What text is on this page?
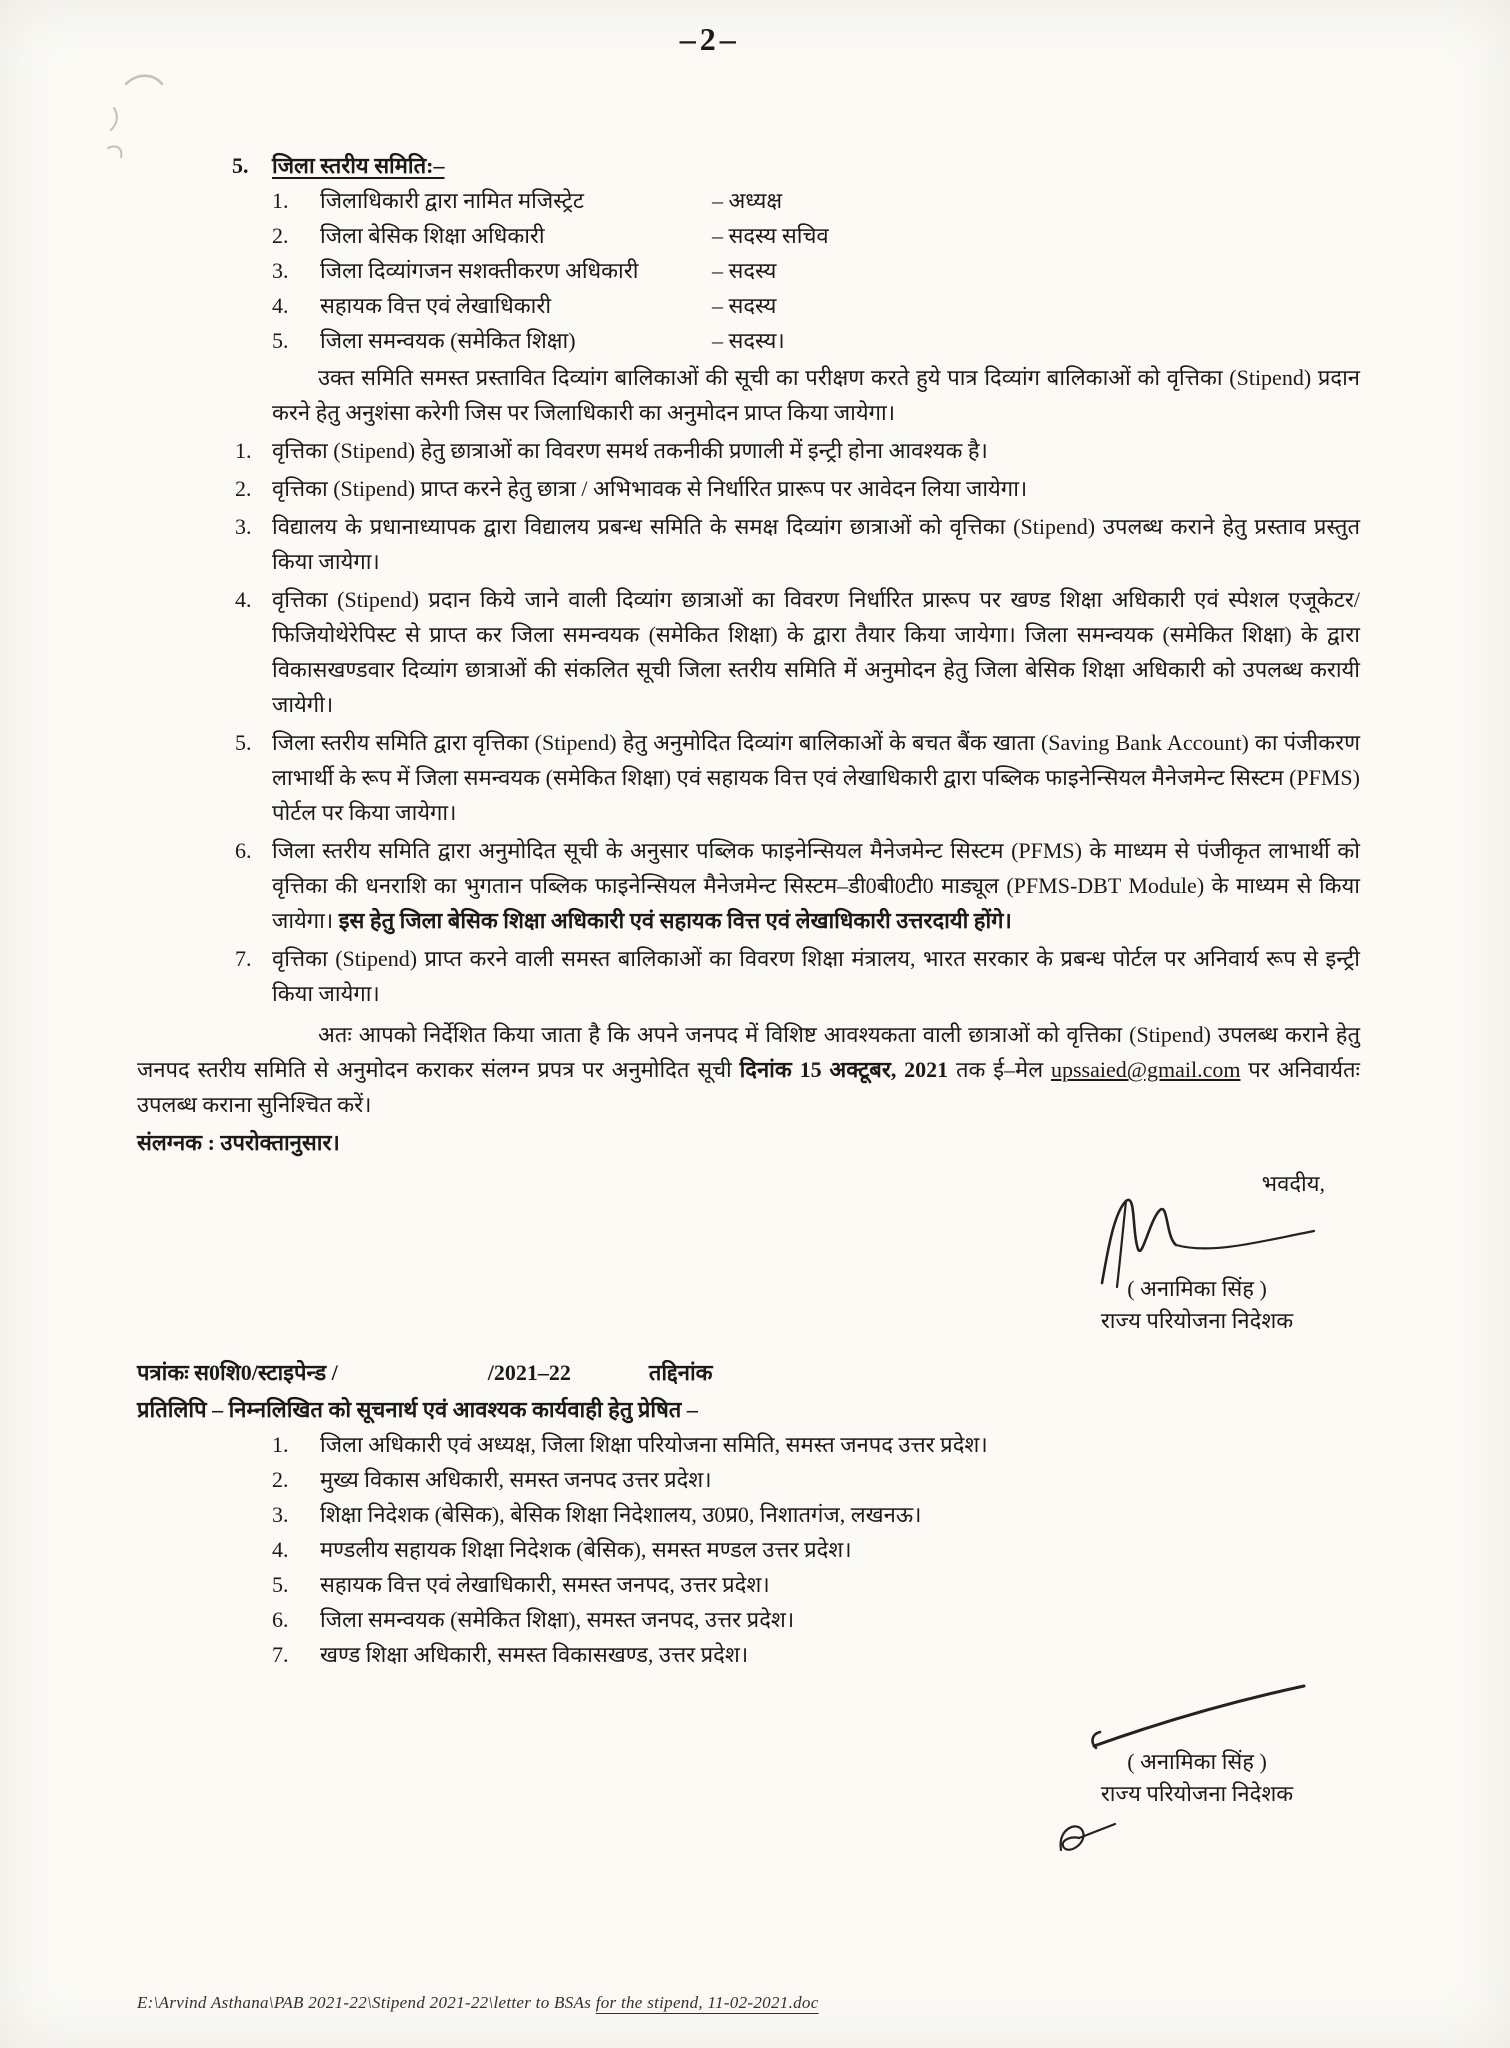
–2–
5.	जिला स्तरीय समिति:–
1.	जिलाधिकारी द्वारा नामित मजिस्ट्रेट	– अध्यक्ष
2.	जिला बेसिक शिक्षा अधिकारी	– सदस्य सचिव
3.	जिला दिव्यांगजन सशक्तीकरण अधिकारी	– सदस्य
4.	सहायक वित्त एवं लेखाधिकारी	– सदस्य
5.	जिला समन्वयक (समेकित शिक्षा)	– सदस्य।

उक्त समिति समस्त प्रस्तावित दिव्यांग बालिकाओं की सूची का परीक्षण करते हुये पात्र दिव्यांग बालिकाओं को वृत्तिका (Stipend) प्रदान करने हेतु अनुशंसा करेगी जिस पर जिलाधिकारी का अनुमोदन प्राप्त किया जायेगा।

1. वृत्तिका (Stipend) हेतु छात्राओं का विवरण समर्थ तकनीकी प्रणाली में इन्ट्री होना आवश्यक है।
2. वृत्तिका (Stipend) प्राप्त करने हेतु छात्रा / अभिभावक से निर्धारित प्रारूप पर आवेदन लिया जायेगा।
3. विद्यालय के प्रधानाध्यापक द्वारा विद्यालय प्रबन्ध समिति के समक्ष दिव्यांग छात्राओं को वृत्तिका (Stipend) उपलब्ध कराने हेतु प्रस्ताव प्रस्तुत किया जायेगा।
4. वृत्तिका (Stipend) प्रदान किये जाने वाली दिव्यांग छात्राओं का विवरण निर्धारित प्रारूप पर खण्ड शिक्षा अधिकारी एवं स्पेशल एजूकेटर/फिजियोथेरेपिस्ट से प्राप्त कर जिला समन्वयक (समेकित शिक्षा) के द्वारा तैयार किया जायेगा। जिला समन्वयक (समेकित शिक्षा) के द्वारा विकासखण्डवार दिव्यांग छात्राओं की संकलित सूची जिला स्तरीय समिति में अनुमोदन हेतु जिला बेसिक शिक्षा अधिकारी को उपलब्ध करायी जायेगी।
5. जिला स्तरीय समिति द्वारा वृत्तिका (Stipend) हेतु अनुमोदित दिव्यांग बालिकाओं के बचत बैंक खाता (Saving Bank Account) का पंजीकरण लाभार्थी के रूप में जिला समन्वयक (समेकित शिक्षा) एवं सहायक वित्त एवं लेखाधिकारी द्वारा पब्लिक फाइनेन्सियल मैनेजमेन्ट सिस्टम (PFMS) पोर्टल पर किया जायेगा।
6. जिला स्तरीय समिति द्वारा अनुमोदित सूची के अनुसार पब्लिक फाइनेन्सियल मैनेजमेन्ट सिस्टम (PFMS) के माध्यम से पंजीकृत लाभार्थी को वृत्तिका की धनराशि का भुगतान पब्लिक फाइनेन्सियल मैनेजमेन्ट सिस्टम–डी0बी0टी0 माड्यूल (PFMS-DBT Module) के माध्यम से किया जायेगा। इस हेतु जिला बेसिक शिक्षा अधिकारी एवं सहायक वित्त एवं लेखाधिकारी उत्तरदायी होंगे।
7. वृत्तिका (Stipend) प्राप्त करने वाली समस्त बालिकाओं का विवरण शिक्षा मंत्रालय, भारत सरकार के प्रबन्ध पोर्टल पर अनिवार्य रूप से इन्ट्री किया जायेगा।

अतः आपको निर्देशित किया जाता है कि अपने जनपद में विशिष्ट आवश्यकता वाली छात्राओं को वृत्तिका (Stipend) उपलब्ध कराने हेतु जनपद स्तरीय समिति से अनुमोदन कराकर संलग्न प्रपत्र पर अनुमोदित सूची दिनांक 15 अक्टूबर, 2021 तक ई–मेल upssaied@gmail.com पर अनिवार्यतः उपलब्ध कराना सुनिश्चित करें।

संलग्नक : उपरोक्तानुसार।
भवदीय,
( अनामिका सिंह )
राज्य परियोजना निदेशक
पत्रांकः स0शि0/स्टाइपेन्ड /	/2021–22	तद्दिनांक
प्रतिलिपि – निम्नलिखित को सूचनार्थ एवं आवश्यक कार्यवाही हेतु प्रेषित –
1.	जिला अधिकारी एवं अध्यक्ष, जिला शिक्षा परियोजना समिति, समस्त जनपद उत्तर प्रदेश।
2.	मुख्य विकास अधिकारी, समस्त जनपद उत्तर प्रदेश।
3.	शिक्षा निदेशक (बेसिक), बेसिक शिक्षा निदेशालय, उ0प्र0, निशातगंज, लखनऊ।
4.	मण्डलीय सहायक शिक्षा निदेशक (बेसिक), समस्त मण्डल उत्तर प्रदेश।
5.	सहायक वित्त एवं लेखाधिकारी, समस्त जनपद, उत्तर प्रदेश।
6.	जिला समन्वयक (समेकित शिक्षा), समस्त जनपद, उत्तर प्रदेश।
7.	खण्ड शिक्षा अधिकारी, समस्त विकासखण्ड, उत्तर प्रदेश।
( अनामिका सिंह )
राज्य परियोजना निदेशक
E:\Arvind Asthana\PAB 2021-22\Stipend 2021-22\letter to BSAs for the stipend, 11-02-2021.doc
